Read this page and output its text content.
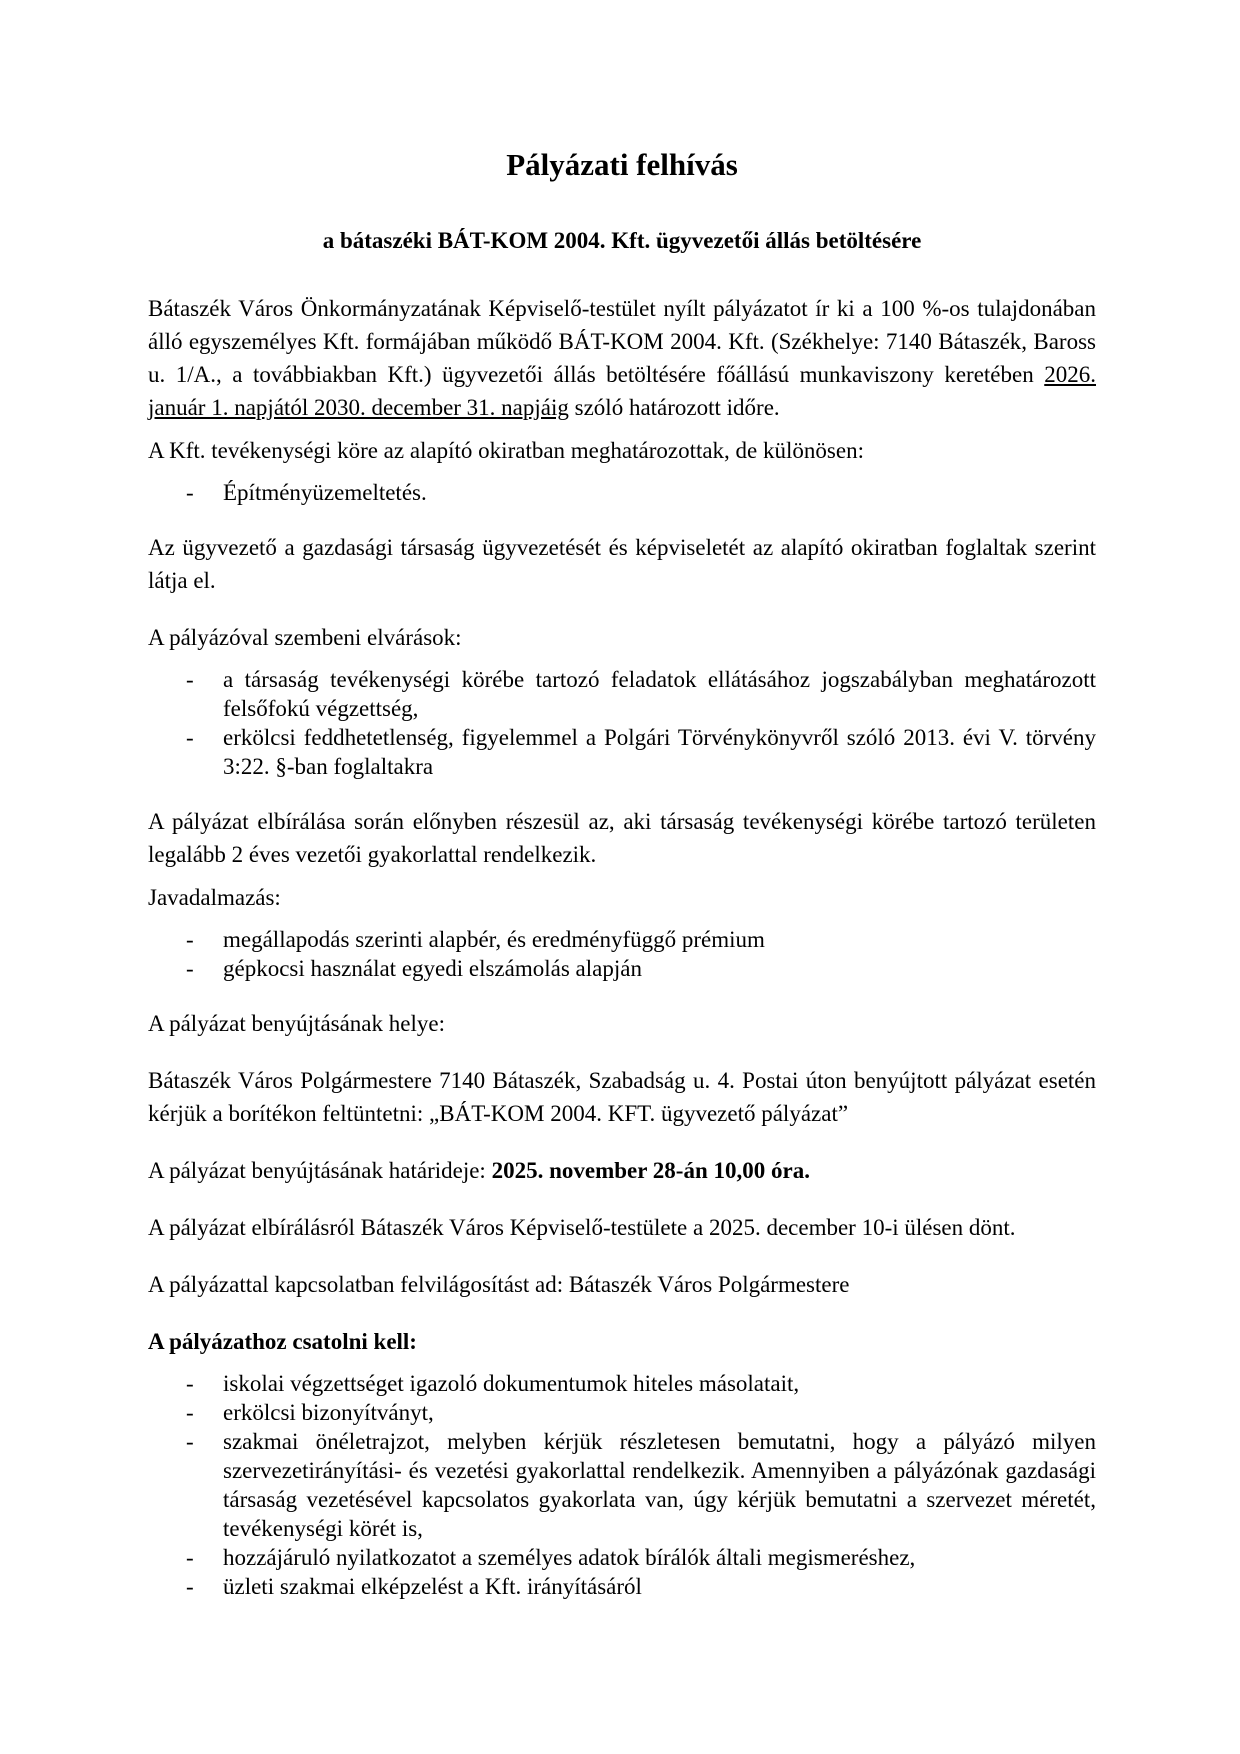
Pályázati felhívás
a bátaszéki BÁT-KOM 2004. Kft. ügyvezetői állás betöltésére

Bátaszék Város Önkormányzatának Képviselő-testület nyílt pályázatot ír ki a 100 %-os tulajdonában álló egyszemélyes Kft. formájában működő BÁT-KOM 2004. Kft. (Székhelye: 7140 Bátaszék, Baross u. 1/A., a továbbiakban Kft.) ügyvezetői állás betöltésére főállású munkaviszony keretében 2026. január 1. napjától 2030. december 31. napjáig szóló határozott időre.

A Kft. tevékenységi köre az alapító okiratban meghatározottak, de különösen:

-	Építményüzemeltetés.

Az ügyvezető a gazdasági társaság ügyvezetését és képviseletét az alapító okiratban foglaltak szerint látja el.

A pályázóval szembeni elvárások:

-	a társaság tevékenységi körébe tartozó feladatok ellátásához jogszabályban meghatározott felsőfokú végzettség,
-	erkölcsi feddhetetlenség, figyelemmel a Polgári Törvénykönyvről szóló 2013. évi V. törvény 3:22. §-ban foglaltakra

A pályázat elbírálása során előnyben részesül az, aki társaság tevékenységi körébe tartozó területen legalább 2 éves vezetői gyakorlattal rendelkezik.

Javadalmazás:

-	megállapodás szerinti alapbér, és eredményfüggő prémium
-	gépkocsi használat egyedi elszámolás alapján

A pályázat benyújtásának helye:

Bátaszék Város Polgármestere 7140 Bátaszék, Szabadság u. 4. Postai úton benyújtott pályázat esetén kérjük a borítékon feltüntetni: „BÁT-KOM 2004. KFT. ügyvezető pályázat”

A pályázat benyújtásának határideje: 2025. november 28-án 10,00 óra.

A pályázat elbírálásról Bátaszék Város Képviselő-testülete a 2025. december 10-i ülésen dönt.

A pályázattal kapcsolatban felvilágosítást ad: Bátaszék Város Polgármestere

A pályázathoz csatolni kell:

-	iskolai végzettséget igazoló dokumentumok hiteles másolatait,
-	erkölcsi bizonyítványt,
-	szakmai önéletrajzot, melyben kérjük részletesen bemutatni, hogy a pályázó milyen szervezetirányítási- és vezetési gyakorlattal rendelkezik. Amennyiben a pályázónak gazdasági társaság vezetésével kapcsolatos gyakorlata van, úgy kérjük bemutatni a szervezet méretét, tevékenységi körét is,
-	hozzájáruló nyilatkozatot a személyes adatok bírálók általi megismeréshez,
-	üzleti szakmai elképzelést a Kft. irányításáról
